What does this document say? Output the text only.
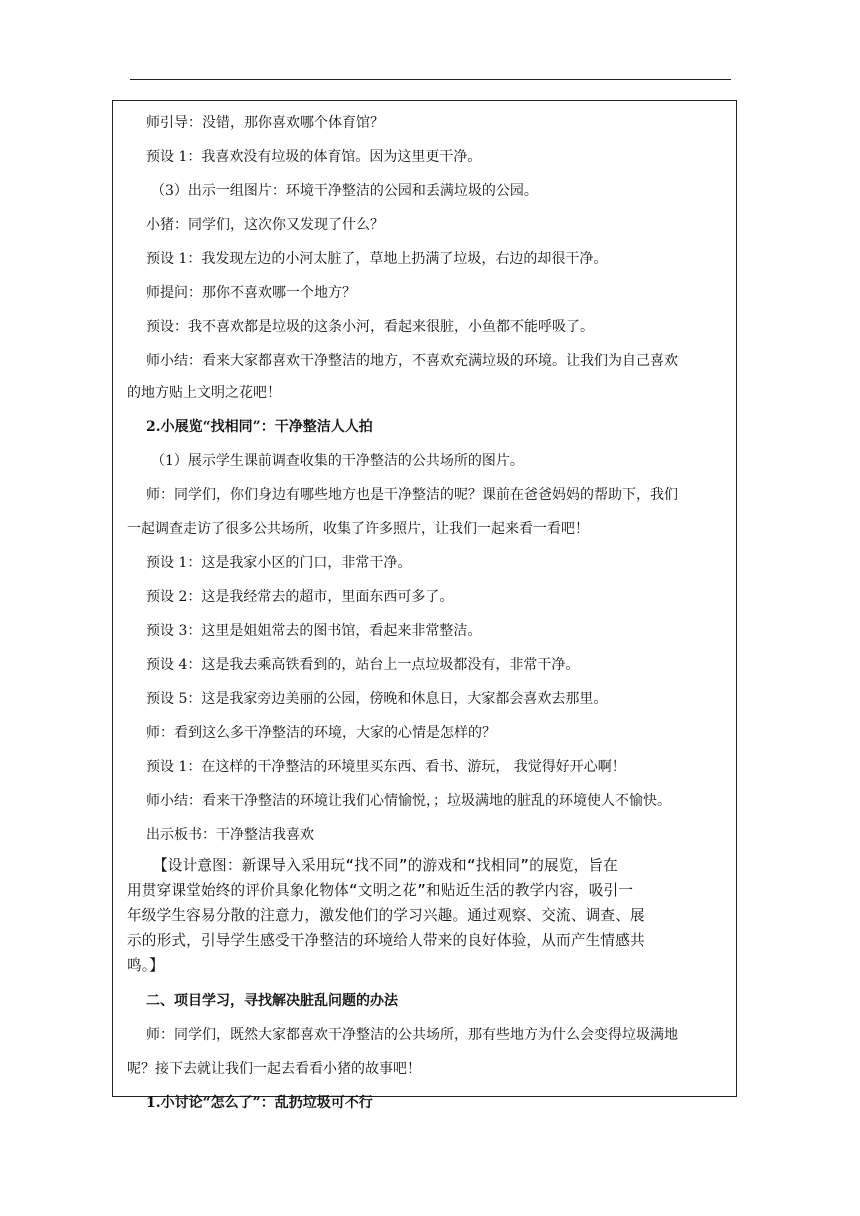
师引导：没错，那你喜欢哪个体育馆？
预设 1：我喜欢没有垃圾的体育馆。因为这里更干净。
（3）出示一组图片：环境干净整洁的公园和丢满垃圾的公园。
小猪：同学们，这次你又发现了什么？
预设 1：我发现左边的小河太脏了，草地上扔满了垃圾，右边的却很干净。
师提问：那你不喜欢哪一个地方？
预设：我不喜欢都是垃圾的这条小河，看起来很脏，小鱼都不能呼吸了。
师小结：看来大家都喜欢干净整洁的地方，不喜欢充满垃圾的环境。让我们为自己喜欢
的地方贴上文明之花吧！
2.小展览“找相同”：干净整洁人人拍
（1）展示学生课前调查收集的干净整洁的公共场所的图片。
师：同学们，你们身边有哪些地方也是干净整洁的呢？课前在爸爸妈妈的帮助下，我们
一起调查走访了很多公共场所，收集了许多照片，让我们一起来看一看吧！
预设 1：这是我家小区的门口，非常干净。
预设 2：这是我经常去的超市，里面东西可多了。
预设 3：这里是姐姐常去的图书馆，看起来非常整洁。
预设 4：这是我去乘高铁看到的，站台上一点垃圾都没有，非常干净。
预设 5：这是我家旁边美丽的公园，傍晚和休息日，大家都会喜欢去那里。
师：看到这么多干净整洁的环境，大家的心情是怎样的？
预设 1：在这样的干净整洁的环境里买东西、看书、游玩， 我觉得好开心啊！
师小结：看来干净整洁的环境让我们心情愉悦，；垃圾满地的脏乱的环境使人不愉快。
出示板书：干净整洁我喜欢
【设计意图：新课导入采用玩“找不同”的游戏和“找相同”的展览，旨在
用贯穿课堂始终的评价具象化物体“文明之花”和贴近生活的教学内容，吸引一
年级学生容易分散的注意力，激发他们的学习兴趣。通过观察、交流、调查、展
示的形式，引导学生感受干净整洁的环境给人带来的良好体验，从而产生情感共
鸣。】
二、项目学习，寻找解决脏乱问题的办法
师：同学们，既然大家都喜欢干净整洁的公共场所，那有些地方为什么会变得垃圾满地
呢？接下去就让我们一起去看看小猪的故事吧！
1.小讨论“怎么了”：乱扔垃圾可不行
